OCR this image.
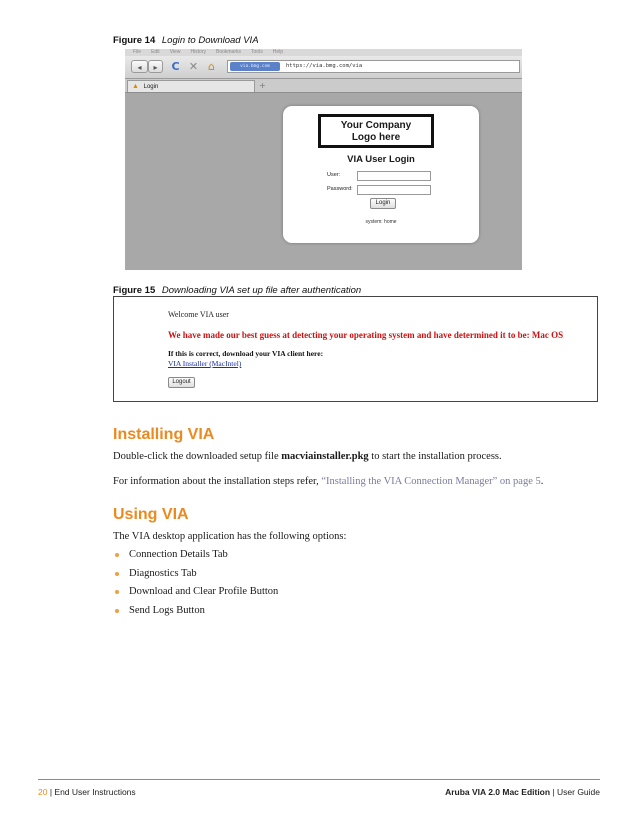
Figure 14 Login to Download VIA
File Edit View History Bookmarks Tools Help
◂	▸	C ✕ ⌂	via.bmg.com	https://via.bmg.com/via
▲ Login	+
Your Company
Logo here
VIA User Login
User:
Password:
Login
system: home
Figure 15 Downloading VIA set up file after authentication
Welcome VIA user
We have made our best guess at detecting your operating system and have determined it to be: Mac OS
If this is correct, download your VIA client here:
VIA Installer (MacIntel)
Logout
Installing VIA
Double-click the downloaded setup file macviainstaller.pkg to start the installation process.
For information about the installation steps refer, “Installing the VIA Connection Manager” on page 5.
Using VIA
The VIA desktop application has the following options:
Connection Details Tab
Diagnostics Tab
Download and Clear Profile Button
Send Logs Button
20 | End User Instructions	Aruba VIA 2.0 Mac Edition | User Guide
